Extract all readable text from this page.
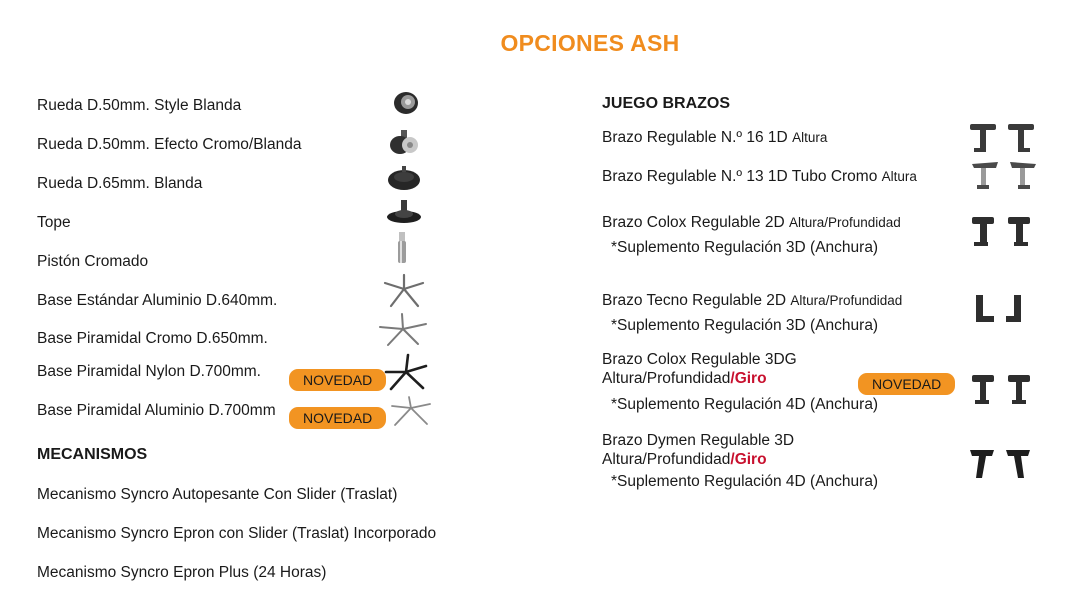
OPCIONES ASH
Rueda D.50mm. Style Blanda
Rueda D.50mm. Efecto Cromo/Blanda
Rueda D.65mm. Blanda
Tope
Pistón Cromado
Base Estándar Aluminio D.640mm.
Base Piramidal Cromo D.650mm.
Base Piramidal Nylon D.700mm.
Base Piramidal Aluminio D.700mm
NOVEDAD
NOVEDAD
MECANISMOS
Mecanismo Syncro Autopesante Con Slider (Traslat)
Mecanismo Syncro Epron con Slider (Traslat) Incorporado
Mecanismo Syncro Epron Plus (24 Horas)
JUEGO BRAZOS
Brazo Regulable N.º 16 1D Altura
Brazo Regulable N.º 13 1D Tubo Cromo Altura
Brazo Colox Regulable 2D Altura/Profundidad
*Suplemento Regulación 3D (Anchura)
Brazo Tecno Regulable 2D Altura/Profundidad
*Suplemento Regulación 3D (Anchura)
Brazo Colox Regulable 3DG
Altura/Profundidad/Giro
*Suplemento Regulación 4D (Anchura)
NOVEDAD
Brazo Dymen Regulable 3D
Altura/Profundidad/Giro
*Suplemento Regulación 4D (Anchura)
